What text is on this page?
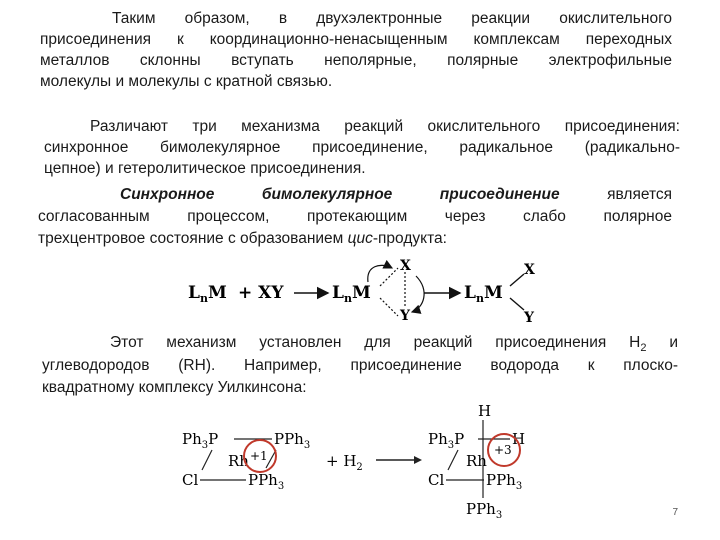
Таким образом, в двухэлектронные реакции окислительного
присоединения к координационно-ненасыщенным комплексам переходных
металлов склонны вступать неполярные, полярные электрофильные
молекулы и молекулы с кратной связью.
Различают три механизма реакций окислительного присоединения:
синхронное бимолекулярное присоединение, радикальное (радикально-
цепное) и гетеролитическое присоединения.
Синхронное бимолекулярное присоединение	является
согласованным процессом, протекающим через слабо полярное
трехцентровое состояние с образованием цис-продукта:
$L_nM$ + XY	$L_nM$
X
Y
$L_nM$
X
Y
Этот механизм установлен для реакций присоединения $H_2$ и
углеводородов (RH). Например, присоединение водорода к плоско-
квадратному комплексу Уилкинсона:
$Ph_3P$	PPh$_3$
Rh +1
Cl	PPh$_3$
+ $H_2$
H
$Ph_3P$	H
Rh
+3
Cl	PPh$_3$
PPh$_3$	7
